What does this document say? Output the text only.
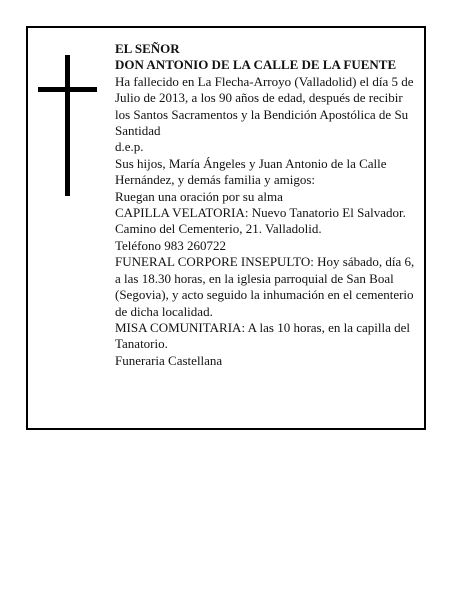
EL SEÑOR

DON ANTONIO DE LA CALLE DE LA FUENTE

Ha fallecido en La Flecha-Arroyo (Valladolid) el día 5 de Julio de 2013, a los 90 años de edad, después de recibir los Santos Sacramentos y la Bendición Apostólica de Su Santidad

d.e.p.

Sus hijos, María Ángeles y Juan Antonio de la Calle Hernández, y demás familia y amigos:

Ruegan una oración por su alma

CAPILLA VELATORIA: Nuevo Tanatorio El Salvador. Camino del Cementerio, 21. Valladolid.

Teléfono 983 260722

FUNERAL CORPORE INSEPULTO: Hoy sábado, día 6, a las 18.30 horas, en la iglesia parroquial de San Boal (Segovia), y acto seguido la inhumación en el cementerio de dicha localidad.

MISA COMUNITARIA: A las 10 horas, en la capilla del Tanatorio.

Funeraria Castellana
